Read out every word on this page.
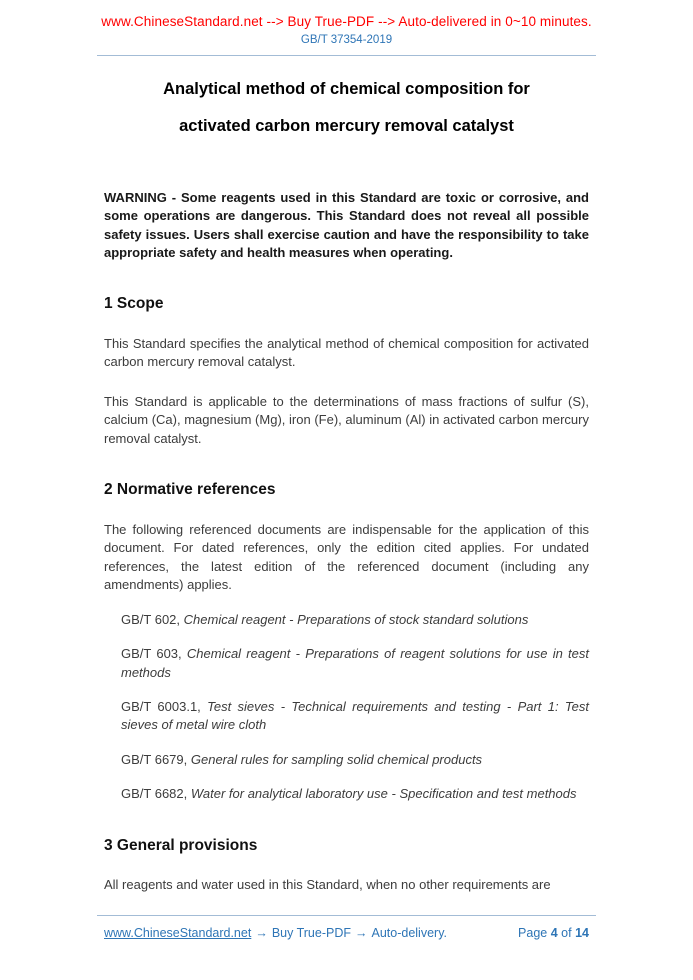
www.ChineseStandard.net --> Buy True-PDF --> Auto-delivered in 0~10 minutes.
GB/T 37354-2019
Analytical method of chemical composition for
activated carbon mercury removal catalyst

WARNING - Some reagents used in this Standard are toxic or corrosive, and some operations are dangerous. This Standard does not reveal all possible safety issues. Users shall exercise caution and have the responsibility to take appropriate safety and health measures when operating.

1 Scope

This Standard specifies the analytical method of chemical composition for activated carbon mercury removal catalyst.

This Standard is applicable to the determinations of mass fractions of sulfur (S), calcium (Ca), magnesium (Mg), iron (Fe), aluminum (Al) in activated carbon mercury removal catalyst.

2 Normative references

The following referenced documents are indispensable for the application of this document. For dated references, only the edition cited applies. For undated references, the latest edition of the referenced document (including any amendments) applies.

GB/T 602, Chemical reagent - Preparations of stock standard solutions

GB/T 603, Chemical reagent - Preparations of reagent solutions for use in test methods

GB/T 6003.1, Test sieves - Technical requirements and testing - Part 1: Test sieves of metal wire cloth

GB/T 6679, General rules for sampling solid chemical products

GB/T 6682, Water for analytical laboratory use - Specification and test methods

3 General provisions

All reagents and water used in this Standard, when no other requirements are

www.ChineseStandard.net → Buy True-PDF → Auto-delivery.	Page 4 of 14
